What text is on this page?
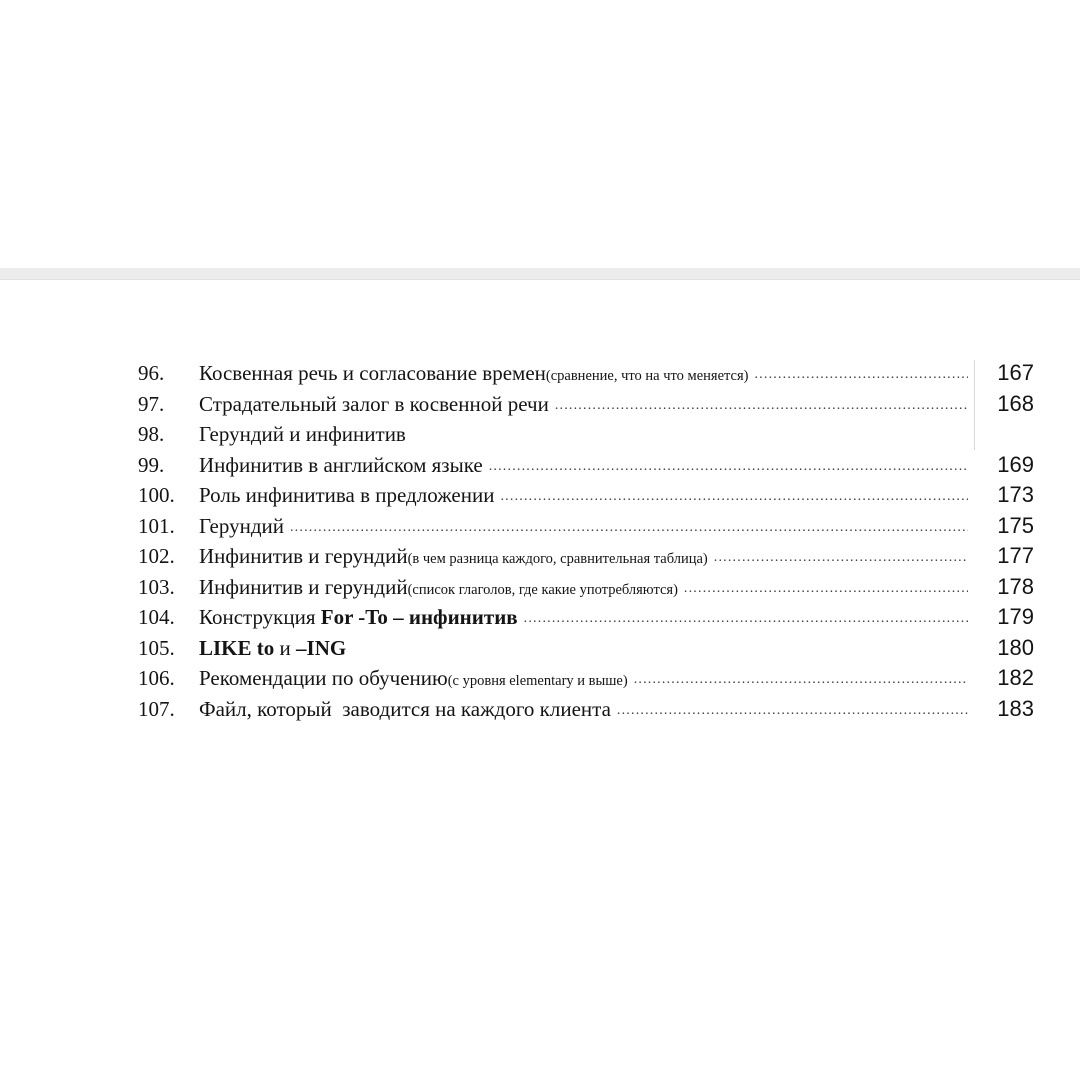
96.	Косвенная речь и согласование времен (сравнение, что на что меняется) .....	167
97.	Страдательный залог в косвенной речи .....	168
98.	Герундий и инфинитив
99.	Инфинитив в английском языке .....	169
100.	Роль инфинитива в предложении .....	173
101.	Герундий .....	175
102.	Инфинитив и герундий (в чем разница каждого, сравнительная таблица) .....	177
103.	Инфинитив и герундий (список глаголов, где какие употребляются) .....	178
104.	Конструкция For -To – инфинитив .....	179
105.	LIKE to и –ING	180
106.	Рекомендации по обучению (с уровня elementary и выше) .....	182
107.	Файл, который  заводится на каждого клиента .....	183
